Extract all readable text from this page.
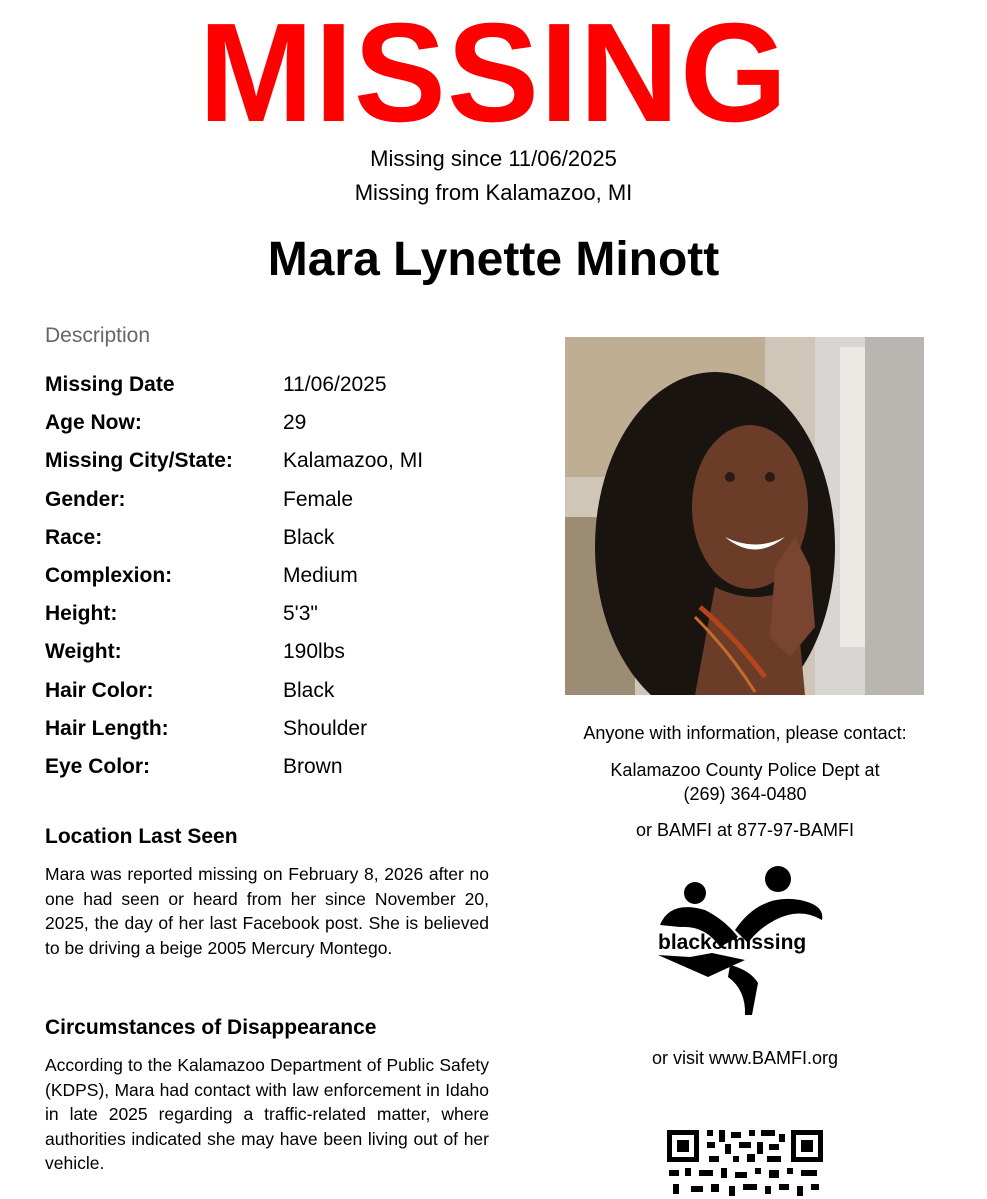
MISSING
Missing since 11/06/2025
Missing from Kalamazoo, MI
Mara Lynette Minott
Description
Missing Date	11/06/2025
Age Now:	29
Missing City/State:	Kalamazoo, MI
Gender:	Female
Race:	Black
Complexion:	Medium
Height:	5'3"
Weight:	190lbs
Hair Color:	Black
Hair Length:	Shoulder
Eye Color:	Brown
Location Last Seen
Mara was reported missing on February 8, 2026 after no one had seen or heard from her since November 20, 2025, the day of her last Facebook post. She is believed to be driving a beige 2005 Mercury Montego.
Circumstances of Disappearance
According to the Kalamazoo Department of Public Safety (KDPS), Mara had contact with law enforcement in Idaho in late 2025 regarding a traffic-related matter, where authorities indicated she may have been living out of her vehicle.
Anyone with information, please contact:
Kalamazoo County Police Dept at
(269) 364-0480
or BAMFI at 877-97-BAMFI
black&missing
or visit www.BAMFI.org
